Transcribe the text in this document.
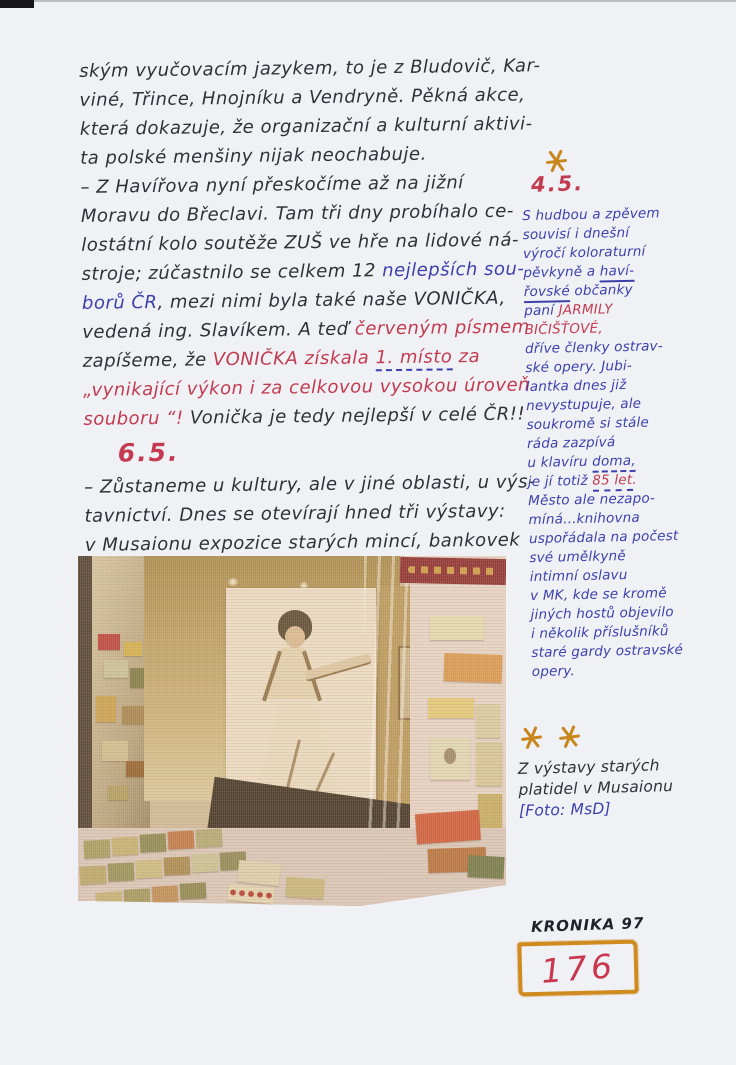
ským vyučovacím jazykem, to je z Bludovič, Kar-
viné, Třince, Hnojníku a Vendryně. Pěkná akce,
která dokazuje, že organizační a kulturní aktivi-
ta polské menšiny nijak neochabuje.
– Z Havířova nyní přeskočíme až na jižní
Moravu do Břeclavi. Tam tři dny probíhalo ce-
lostátní kolo soutěže ZUŠ ve hře na lidové ná-
stroje; zúčastnilo se celkem 12 nejlepších sou-
borů ČR, mezi nimi byla také naše VONIČKA,
vedená ing. Slavíkem. A teď červeným písmem
zapíšeme, že VONIČKA získala 1. místo za
„vynikající výkon i za celkovou vysokou úroveň
souboru “! Vonička je tedy nejlepší v celé ČR!!
6.5.
– Zůstaneme u kultury, ale v jiné oblasti, u výs-
tavnictví. Dnes se otevírají hned tři výstavy:
v Musaionu expozice starých mincí, bankovek
4.5.
S hudbou a zpěvem
souvisí i dnešní
výročí koloraturní
pěvkyně a haví-
řovské občanky
paní JARMILY
BIČIŠŤOVÉ,
dříve členky ostrav-
ské opery. Jubi-
lantka dnes již
nevystupuje, ale
soukromě si stále
ráda zazpívá
u klavíru doma,
je jí totiž 85 let.
Město ale nezapo-
míná...knihovna
uspořádala na počest
své umělkyně
intimní oslavu
v MK, kde se kromě
jiných hostů objevilo
i několik příslušníků
staré gardy ostravské
opery.
Z výstavy starých
platidel v Musaionu
[Foto: MsD]
KRONIKA 97
176
